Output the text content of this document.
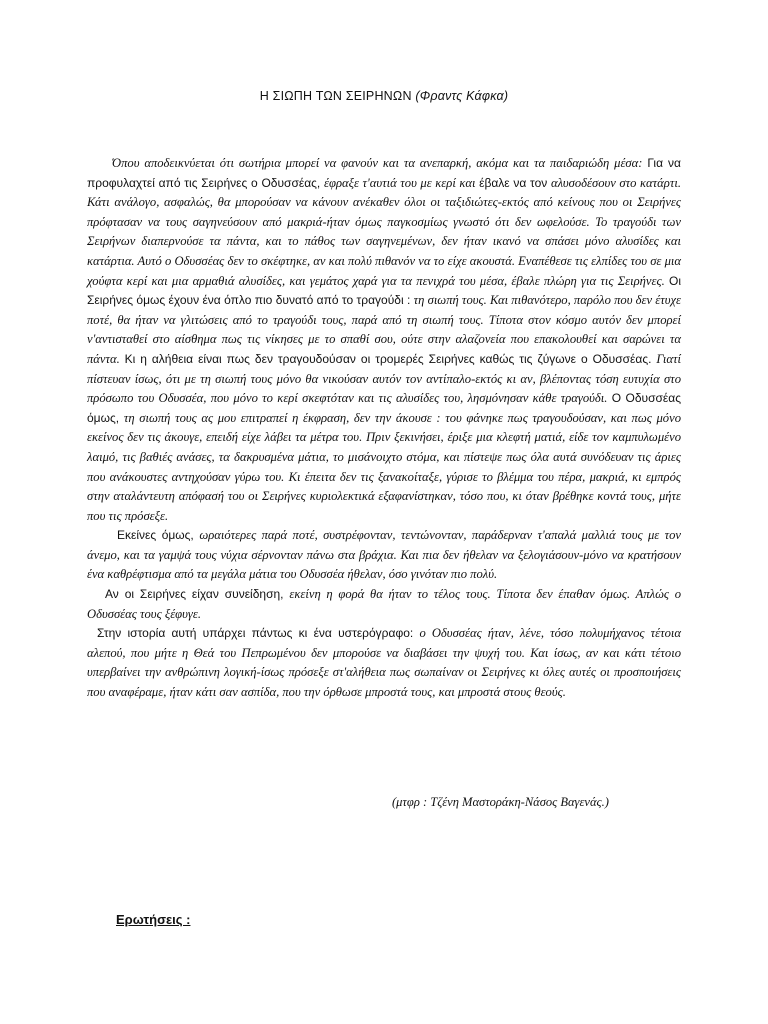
Η ΣΙΩΠΗ ΤΩΝ ΣΕΙΡΗΝΩΝ (Φραντς Κάφκα)

Όπου αποδεικνύεται ότι σωτήρια μπορεί να φανούν και τα ανεπαρκή, ακόμα και τα παιδαριώδη μέσα: Για να προφυλαχτεί από τις Σειρήνες ο Οδυσσέας, έφραξε τ'αυτιά του με κερί και έβαλε να τον αλυσοδέσουν στο κατάρτι. Κάτι ανάλογο, ασφαλώς, θα μπορούσαν να κάνουν ανέκαθεν όλοι οι ταξιδιώτες-εκτός από κείνους που οι Σειρήνες πρόφτασαν να τους σαγηνεύσουν από μακριά-ήταν όμως παγκοσμίως γνωστό ότι δεν ωφελούσε. Το τραγούδι των Σειρήνων διαπερνούσε τα πάντα, και το πάθος των σαγηνεμένων, δεν ήταν ικανό να σπάσει μόνο αλυσίδες και κατάρτια. Αυτό ο Οδυσσέας δεν το σκέφτηκε, αν και πολύ πιθανόν να το είχε ακουστά. Εναπέθεσε τις ελπίδες του σε μια χούφτα κερί και μια αρμαθιά αλυσίδες, και γεμάτος χαρά για τα πενιχρά του μέσα, έβαλε πλώρη για τις Σειρήνες. Οι Σειρήνες όμως έχουν ένα όπλο πιο δυνατό από το τραγούδι : τη σιωπή τους. Και πιθανότερο, παρόλο που δεν έτυχε ποτέ, θα ήταν να γλιτώσεις από το τραγούδι τους, παρά από τη σιωπή τους. Τίποτα στον κόσμο αυτόν δεν μπορεί ν'αντισταθεί στο αίσθημα πως τις νίκησες με το σπαθί σου, ούτε στην αλαζονεία που επακολουθεί και σαρώνει τα πάντα. Κι η αλήθεια είναι πως δεν τραγουδούσαν οι τρομερές Σειρήνες καθώς τις ζύγωνε ο Οδυσσέας. Γιατί πίστευαν ίσως, ότι με τη σιωπή τους μόνο θα νικούσαν αυτόν τον αντίπαλο-εκτός κι αν, βλέποντας τόση ευτυχία στο πρόσωπο του Οδυσσέα, που μόνο το κερί σκεφτόταν και τις αλυσίδες του, λησμόνησαν κάθε τραγούδι. Ο Οδυσσέας όμως, τη σιωπή τους ας μου επιτραπεί η έκφραση, δεν την άκουσε : του φάνηκε πως τραγουδούσαν, και πως μόνο εκείνος δεν τις άκουγε, επειδή είχε λάβει τα μέτρα του. Πριν ξεκινήσει, έριξε μια κλεφτή ματιά, είδε τον καμπυλωμένο λαιμό, τις βαθιές ανάσες, τα δακρυσμένα μάτια, το μισάνοιχτο στόμα, και πίστεψε πως όλα αυτά συνόδευαν τις άριες που ανάκουστες αντηχούσαν γύρω του. Κι έπειτα δεν τις ξανακοίταξε, γύρισε το βλέμμα του πέρα, μακριά, κι εμπρός στην αταλάντευτη απόφασή του οι Σειρήνες κυριολεκτικά εξαφανίστηκαν, τόσο που, κι όταν βρέθηκε κοντά τους, μήτε που τις πρόσεξε.

Εκείνες όμως, ωραιότερες παρά ποτέ, συστρέφονταν, τεντώνονταν, παράδερναν τ'απαλά μαλλιά τους με τον άνεμο, και τα γαμψά τους νύχια σέρνονταν πάνω στα βράχια. Και πια δεν ήθελαν να ξελογιάσουν-μόνο να κρατήσουν ένα καθρέφτισμα από τα μεγάλα μάτια του Οδυσσέα ήθελαν, όσο γινόταν πιο πολύ.

Αν οι Σειρήνες είχαν συνείδηση, εκείνη η φορά θα ήταν το τέλος τους. Τίποτα δεν έπαθαν όμως. Απλώς ο Οδυσσέας τους ξέφυγε.

Στην ιστορία αυτή υπάρχει πάντως κι ένα υστερόγραφο: ο Οδυσσέας ήταν, λένε, τόσο πολυμήχανος τέτοια αλεπού, που μήτε η Θεά του Πεπρωμένου δεν μπορούσε να διαβάσει την ψυχή του. Και ίσως, αν και κάτι τέτοιο υπερβαίνει την ανθρώπινη λογική-ίσως πρόσεξε στ'αλήθεια πως σωπαίναν οι Σειρήνες κι όλες αυτές οι προσποιήσεις που αναφέραμε, ήταν κάτι σαν ασπίδα, που την όρθωσε μπροστά τους, και μπροστά στους θεούς.

(μτφρ : Τζένη Μαστοράκη-Νάσος Βαγενάς.)
Ερωτήσεις :
